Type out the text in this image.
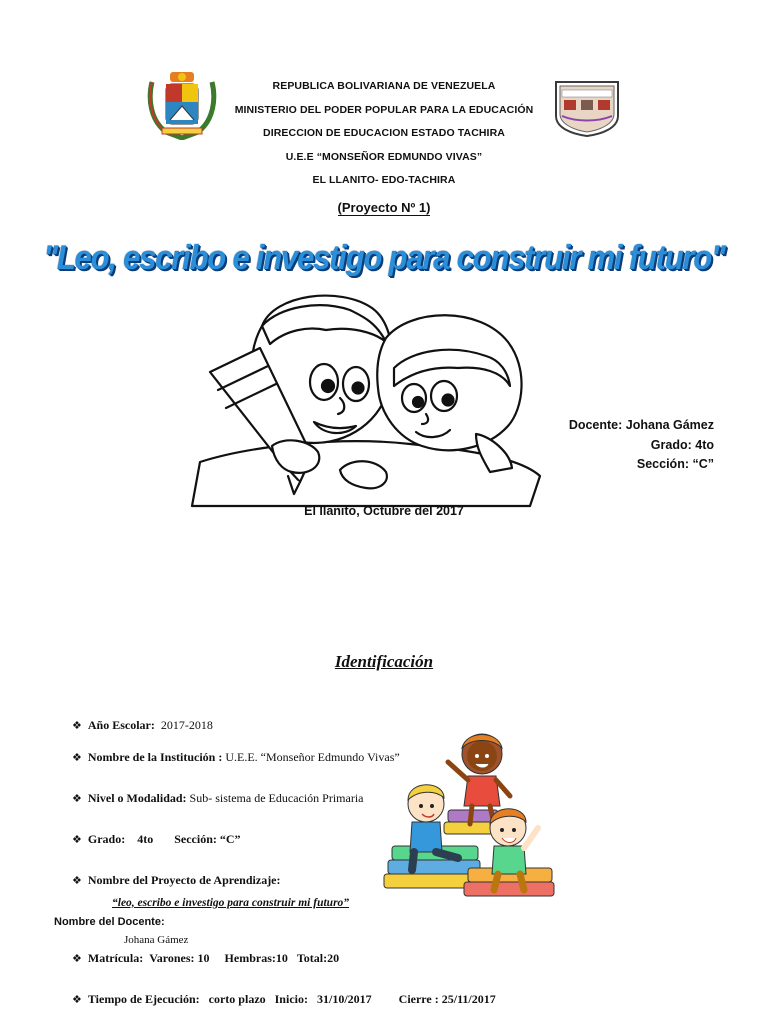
REPUBLICA BOLIVARIANA DE VENEZUELA
MINISTERIO DEL PODER POPULAR PARA LA EDUCACIÓN
DIRECCION DE EDUCACION ESTADO TACHIRA
U.E.E “MONSEÑOR EDMUNDO VIVAS”
EL LLANITO- EDO-TACHIRA
(Proyecto Nº 1)
"Leo, escribo e investigo para construir mi futuro"
Docente: Johana Gámez
Grado: 4to
Sección: “C”
El llanito, Octubre del 2017
Identificación
❖ Año Escolar: 2017-2018
❖ Nombre de la Institución : U.E.E. “Monseñor Edmundo Vivas”
❖ Nivel o Modalidad: Sub- sistema de Educación Primaria
❖ Grado: 4to Sección: “C”
❖ Nombre del Proyecto de Aprendizaje:
“leo, escribo e investigo para construir mi futuro”
Nombre del Docente:
Johana Gámez
❖ Matrícula: Varones: 10 Hembras:10 Total:20
❖ Tiempo de Ejecución: corto plazo Inicio: 31/10/2017 Cierre : 25/11/2017
